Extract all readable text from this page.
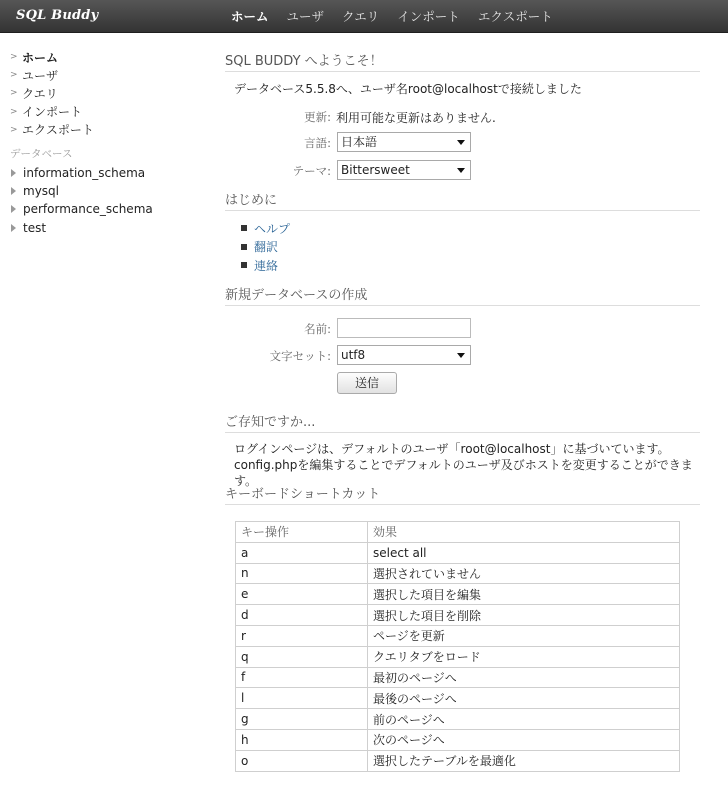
SQL Buddy	ホーム	ユーザ	クエリ	インポート	エクスポート
> ホーム
> ユーザ
> クエリ
> インポート
> エクスポート
データベース
information_schema
mysql
performance_schema
test
SQL BUDDY へようこそ！
データベース5.5.8へ、ユーザ名root@localhostで接続しました
更新: 利用可能な更新はありません.
言語: 日本語
テーマ: Bittersweet
はじめに
ヘルプ
翻訳
連絡
新規データベースの作成
名前:
文字セット: utf8
送信
ご存知ですか...
ログインページは、デフォルトのユーザ「root@localhost」に基づいています。config.phpを編集することでデフォルトのユーザ及びホストを変更することができます。
キーボードショートカット
キー操作	効果
a	select all
n	選択されていません
e	選択した項目を編集
d	選択した項目を削除
r	ページを更新
q	クエリタブをロード
f	最初のページへ
l	最後のページへ
g	前のページへ
h	次のページへ
o	選択したテーブルを最適化
